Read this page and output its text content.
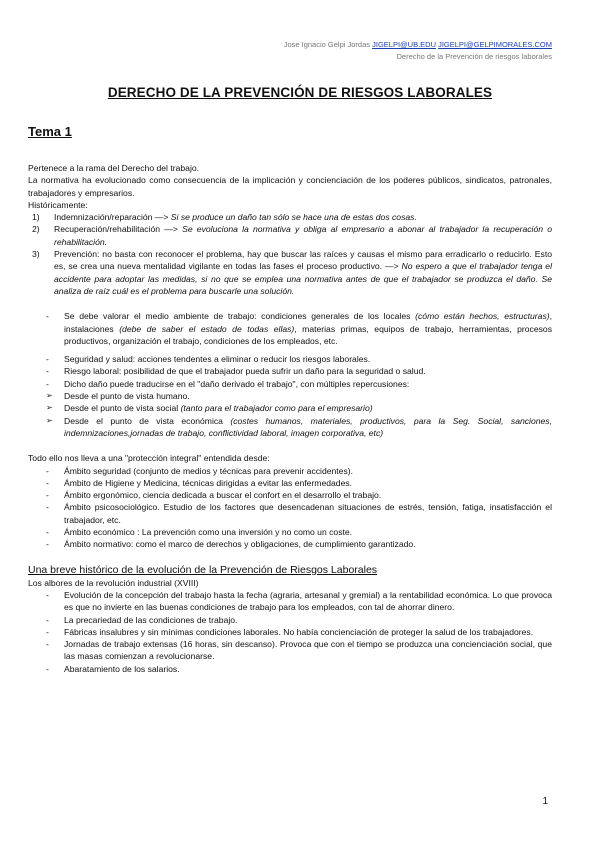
Jose Ignacio Gelpi Jordas JIGELPI@UB.EDU JIGELPI@GELPIMORALES.COM
Derecho de la Prevención de riesgos laborales
DERECHO DE LA PREVENCIÓN DE RIESGOS LABORALES
Tema 1

Pertenece a la rama del Derecho del trabajo.

La normativa ha evolucionado como consecuencia de la implicación y concienciación de los poderes públicos, sindicatos, patronales, trabajadores y empresarios.

Históricamente:

1)	Indemnización/reparación —> Si se produce un daño tan sólo se hace una de estas dos cosas.
2)	Recuperación/rehabilitación —> Se evoluciona la normativa y obliga al empresario a abonar al trabajador la recuperación o rehabilitación.
3)	Prevención: no basta con reconocer el problema, hay que buscar las raíces y causas el mismo para erradicarlo o reducirlo. Esto es, se crea una nueva mentalidad vigilante en todas las fases el proceso productivo. —> No espero a que el trabajador tenga el accidente para adoptar las medidas, si no que se emplea una normativa antes de que el trabajador se produzca el daño. Se analiza de raíz cuál es el problema para buscarle una solución.
-	Se debe valorar el medio ambiente de trabajo: condiciones generales de los locales (cómo están hechos, estructuras), instalaciones (debe de saber el estado de todas ellas), materias primas, equipos de trabajo, herramientas, procesos productivos, organización el trabajo, condiciones de los empleados, etc.
-	Seguridad y salud: acciones tendentes a eliminar o reducir los riesgos laborales.
-	Riesgo laboral: posibilidad de que el trabajador pueda sufrir un daño para la seguridad o salud.
-	Dicho daño puede traducirse en el "daño derivado el trabajo", con múltiples repercusiones:
➢	Desde el punto de vista humano.
➢	Desde el punto de vista social (tanto para el trabajador como para el empresario)
➢	Desde el punto de vista económica (costes humanos, materiales, productivos, para la Seg. Social, sanciones, indemnizaciones,jornadas de trabajo, conflictividad laboral, imagen corporativa, etc)

Todo ello nos lleva a una "protección integral" entendida desde:

-	Ámbito seguridad (conjunto de medios y técnicas para prevenir accidentes).
-	Ámbito de Higiene y Medicina, técnicas dirigidas a evitar las enfermedades.
-	Ámbito ergonómico, ciencia dedicada a buscar el confort en el desarrollo el trabajo.
-	Ámbito psicosociológico. Estudio de los factores que desencadenan situaciones de estrés, tensión, fatiga, insatisfacción el trabajador, etc.
-	Ámbito económico : La prevención como una inversión y no como un coste.
-	Ámbito normativo: como el marco de derechos y obligaciones, de cumplimiento garantizado.

Una breve histórico de la evolución de la Prevención de Riesgos Laborales

Los albores de la revolución industrial (XVIII)

-	Evolución de la concepción del trabajo hasta la fecha (agraria, artesanal y gremial) a la rentabilidad económica. Lo que provoca es que no invierte en las buenas condiciones de trabajo para los empleados, con tal de ahorrar dinero.
-	La precariedad de las condiciones de trabajo.
-	Fábricas insalubres y sin mínimas condiciones laborales. No había concienciación de proteger la salud de los trabajadores.
-	Jornadas de trabajo extensas (16 horas, sin descanso). Provoca que con el tiempo se produzca una concienciación social, que las masas comienzan a revolucionarse.
-	Abaratamiento de los salarios.
1
